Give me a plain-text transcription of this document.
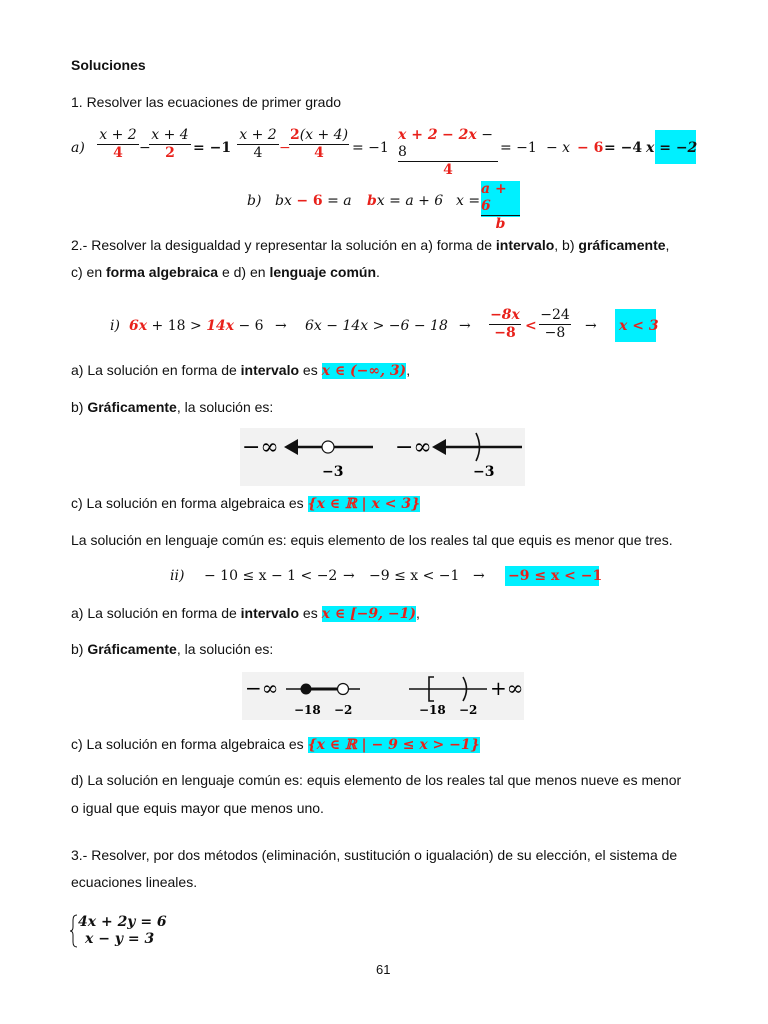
Soluciones
1. Resolver las ecuaciones de primer grado
a)
x + 2
4 −
x + 4
2 = −1
x + 2
4 −
2(x + 4)
4 = −1
x + 2 − 2x − 8
4
= −1 − x − 6 = −4 x = −2
b) bx − 6 = a bx = a + 6 x =
a + 6
b
2.- Resolver la desigualdad y representar la solución en a) forma de intervalo, b) gráficamente,
c) en forma algebraica e d) en lenguaje común.
i) 6x + 18 > 14x − 6 → 6x − 14x > −6 − 18 →
−8x
−8 <
−24
−8 → x < 3
a) La solución en forma de intervalo es x ∈ (−∞, 3),
b) Gráficamente, la solución es:
−∞
−3
−∞
−3
c) La solución en forma algebraica es {x ∈ ℝ | x < 3}
La solución en lenguaje común es: equis elemento de los reales tal que equis es menor que tres.
ii) − 10 ≤ x − 1 < −2 → −9 ≤ x < −1 → −9 ≤ x < −1
a) La solución en forma de intervalo es x ∈ [−9, −1),
b) Gráficamente, la solución es:
−∞
−18 −2	−18 −2
+∞
c) La solución en forma algebraica es {x ∈ ℝ | − 9 ≤ x > −1}
d) La solución en lenguaje común es: equis elemento de los reales tal que menos nueve es menor
o igual que equis mayor que menos uno.
3.- Resolver, por dos métodos (eliminación, sustitución o igualación) de su elección, el sistema de
ecuaciones lineales.
4x + 2y = 6
x − y = 3
61
